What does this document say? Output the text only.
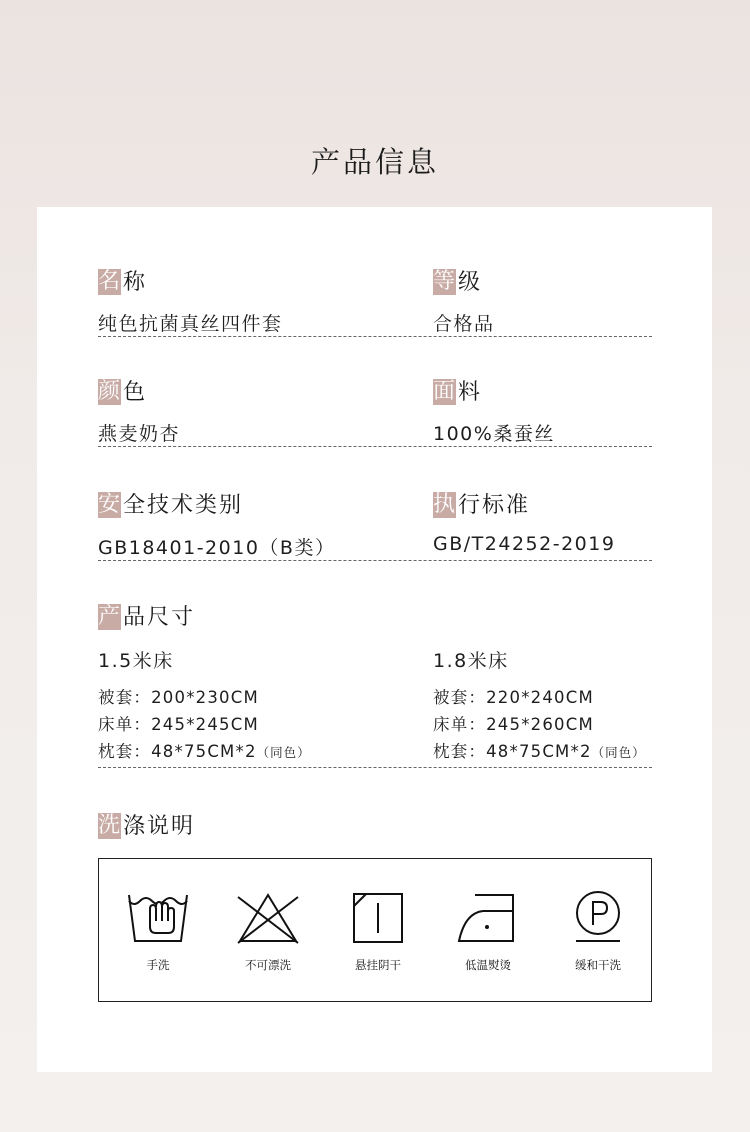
产品信息
名称
纯色抗菌真丝四件套
等级
合格品
颜色
燕麦奶杏
面料
100%桑蚕丝
安全技术类别
GB18401-2010（B类）
执行标准
GB/T24252-2019
产品尺寸
1.5米床
被套：200*230CM
床单：245*245CM
枕套：48*75CM*2（同色）
1.8米床
被套：220*240CM
床单：245*260CM
枕套：48*75CM*2（同色）
洗涤说明
手洗	不可漂洗	悬挂阴干	低温熨烫	缓和干洗
